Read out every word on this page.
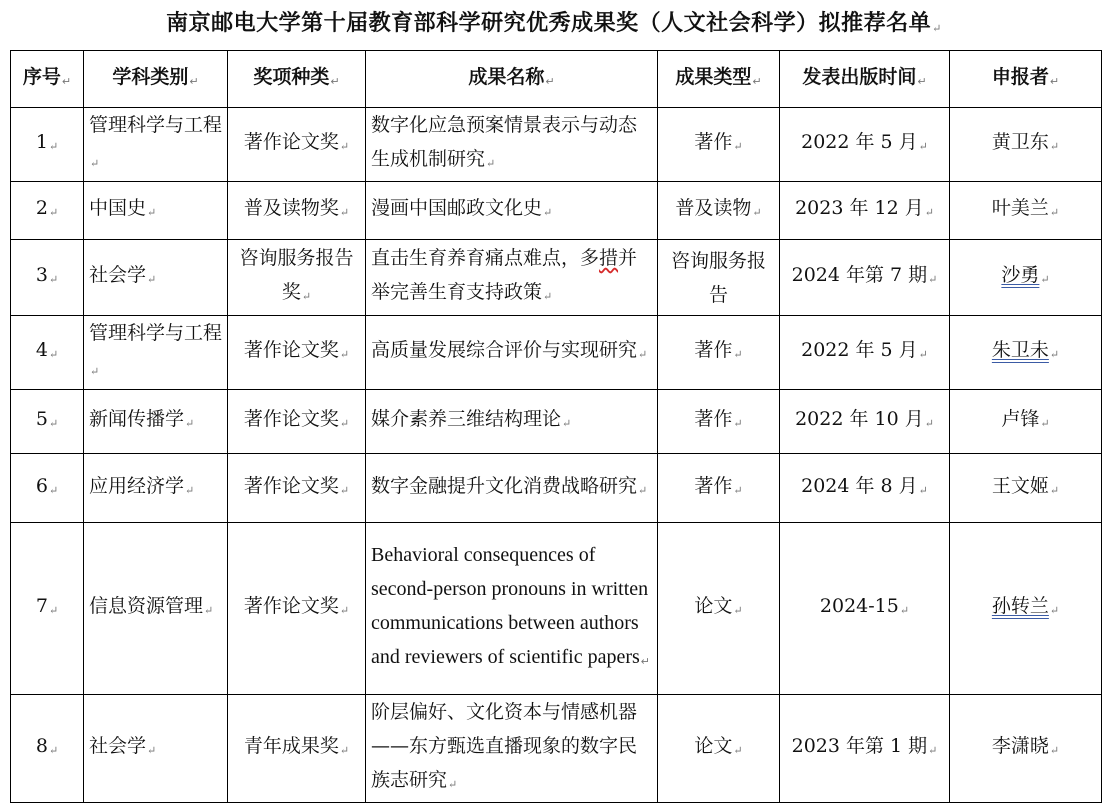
南京邮电大学第十届教育部科学研究优秀成果奖（人文社会科学）拟推荐名单↵
序号↵	学科类别↵	奖项种类↵	成果名称↵	成果类型↵	发表出版时间↵	申报者↵
1↵	管理科学与工程↵	著作论文奖↵	数字化应急预案情景表示与动态生成机制研究↵	著作↵	2022 年 5 月↵	黄卫东↵
2↵	中国史↵	普及读物奖↵	漫画中国邮政文化史↵	普及读物↵	2023 年 12 月↵	叶美兰↵
3↵	社会学↵	咨询服务报告奖↵	直击生育养育痛点难点，多措并举完善生育支持政策↵	咨询服务报告	2024 年第 7 期↵	沙勇↵
4↵	管理科学与工程↵	著作论文奖↵	高质量发展综合评价与实现研究↵	著作↵	2022 年 5 月↵	朱卫未↵
5↵	新闻传播学↵	著作论文奖↵	媒介素养三维结构理论↵	著作↵	2022 年 10 月↵	卢锋↵
6↵	应用经济学↵	著作论文奖↵	数字金融提升文化消费战略研究↵	著作↵	2024 年 8 月↵	王文姬↵
7↵	信息资源管理↵	著作论文奖↵	Behavioral consequences of second-person pronouns in written communications between authors and reviewers of scientific papers↵	论文↵	2024-15↵	孙转兰↵
8↵	社会学↵	青年成果奖↵	阶层偏好、文化资本与情感机器——东方甄选直播现象的数字民族志研究↵	论文↵	2023 年第 1 期↵	李潇晓↵
